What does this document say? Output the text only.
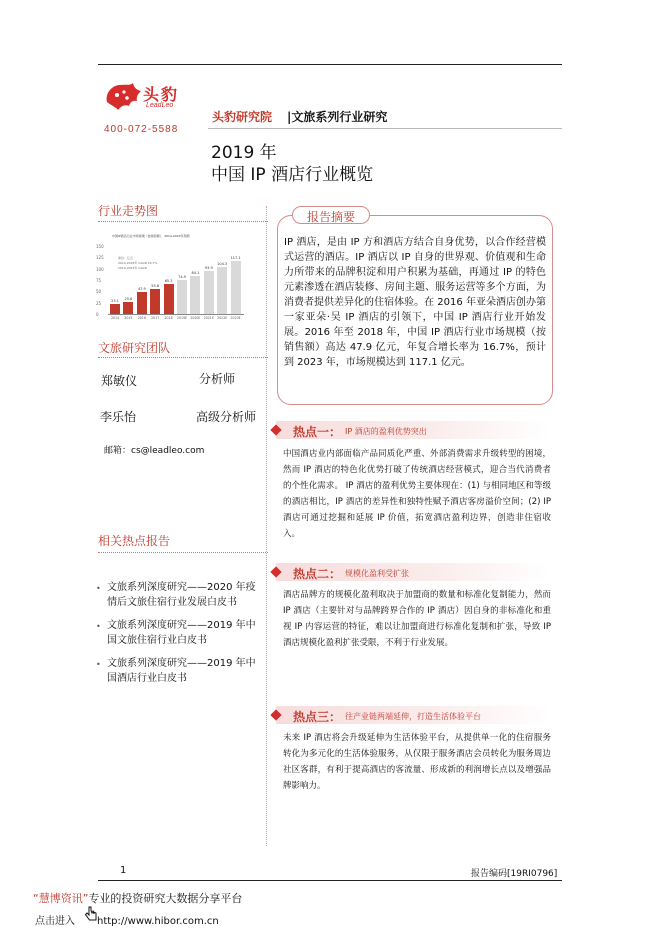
头豹
LeadLeo
400-072-5588
头豹研究院 |文旅系列行业研究
2019 年
中国 IP 酒店行业概览
行业走势图
中国IP酒店行业市场规模（按销售额），2014-2023年预测
单位：亿元
2014-2018年 CAGR 16.7%
2019-2023年 CAGR
150
125
100
75
50
25
0
23.1
2014
25.6
2015
47.9
2016
55.8
2017
65.3
2018
74.9
2019E
84.1
2020E
93.9
2021E
104.3
2022E
117.1
2023E
文旅研究团队
郑敏仪	分析师
李乐怡	高级分析师
邮箱：cs@leadleo.com
相关热点报告
• 文旅系列深度研究——2020 年疫情后文旅住宿行业发展白皮书
• 文旅系列深度研究——2019 年中国文旅住宿行业白皮书
• 文旅系列深度研究——2019 年中国酒店行业白皮书
报告摘要
IP 酒店，是由 IP 方和酒店方结合自身优势，以合作经营模式运营的酒店。IP 酒店以 IP 自身的世界观、价值观和生命力所带来的品牌积淀和用户积累为基础，再通过 IP 的特色元素渗透在酒店装修、房间主题、服务运营等多个方面，为消费者提供差异化的住宿体验。在 2016 年亚朵酒店创办第一家亚朵·吴 IP 酒店的引领下，中国 IP 酒店行业开始发展。2016 年至 2018 年，中国 IP 酒店行业市场规模（按销售额）高达 47.9 亿元，年复合增长率为 16.7%，预计到 2023 年，市场规模达到 117.1 亿元。
热点一： IP 酒店的盈利优势突出
中国酒店业内部面临产品同质化严重、外部消费需求升级转型的困境，然而 IP 酒店的特色化优势打破了传统酒店经营模式，迎合当代消费者的个性化需求。 IP 酒店的盈利优势主要体现在：(1) 与相同地区和等级的酒店相比，IP 酒店的差异性和独特性赋予酒店客房溢价空间；(2) IP 酒店可通过挖掘和延展 IP 价值，拓宽酒店盈利边界，创造非住宿收入。
热点二： 规模化盈利受扩张
酒店品牌方的规模化盈利取决于加盟商的数量和标准化复制能力，然而 IP 酒店（主要针对与品牌跨界合作的 IP 酒店）因自身的非标准化和重视 IP 内容运营的特征，难以让加盟商进行标准化复制和扩张，导致 IP 酒店规模化盈利扩张受限，不利于行业发展。
热点三： 往产业链两端延伸，打造生活体验平台
未来 IP 酒店将会升级延伸为生活体验平台，从提供单一化的住宿服务转化为多元化的生活体验服务，从仅限于服务酒店会员转化为服务周边社区客群，有利于提高酒店的客流量、形成新的利润增长点以及增强品牌影响力。
1	报告编码[19RI0796]
“慧博资讯”专业的投资研究大数据分享平台
点击进入 http://www.hibor.com.cn
